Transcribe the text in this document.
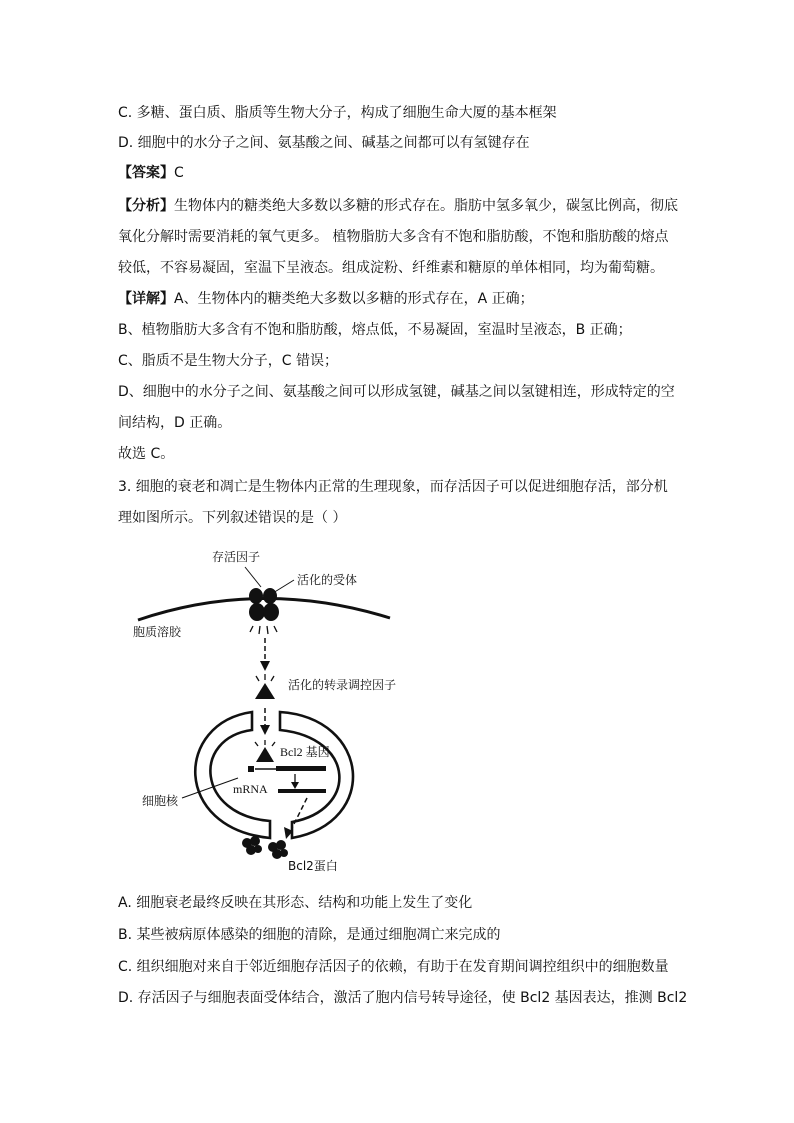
C. 多糖、蛋白质、脂质等生物大分子，构成了细胞生命大厦的基本框架
D. 细胞中的水分子之间、氨基酸之间、碱基之间都可以有氢键存在
【答案】C
【分析】生物体内的糖类绝大多数以多糖的形式存在。脂肪中氢多氧少，碳氢比例高，彻底
氧化分解时需要消耗的氧气更多。 植物脂肪大多含有不饱和脂肪酸，不饱和脂肪酸的熔点
较低，不容易凝固，室温下呈液态。组成淀粉、纤维素和糖原的单体相同，均为葡萄糖。
【详解】A、生物体内的糖类绝大多数以多糖的形式存在，A 正确；
B、植物脂肪大多含有不饱和脂肪酸，熔点低，不易凝固，室温时呈液态，B 正确；
C、脂质不是生物大分子，C 错误；
D、细胞中的水分子之间、氨基酸之间可以形成氢键，碱基之间以氢键相连，形成特定的空
间结构，D 正确。
故选 C。
3. 细胞的衰老和凋亡是生物体内正常的生理现象，而存活因子可以促进细胞存活，部分机
理如图所示。下列叙述错误的是（ ）
存活因子
活化的受体
胞质溶胶
活化的转录调控因子
Bcl2 基因
mRNA
细胞核
Bcl2蛋白
A. 细胞衰老最终反映在其形态、结构和功能上发生了变化
B. 某些被病原体感染的细胞的清除，是通过细胞凋亡来完成的
C. 组织细胞对来自于邻近细胞存活因子的依赖，有助于在发育期间调控组织中的细胞数量
D. 存活因子与细胞表面受体结合，激活了胞内信号转导途径，使 Bcl2 基因表达，推测 Bcl2
